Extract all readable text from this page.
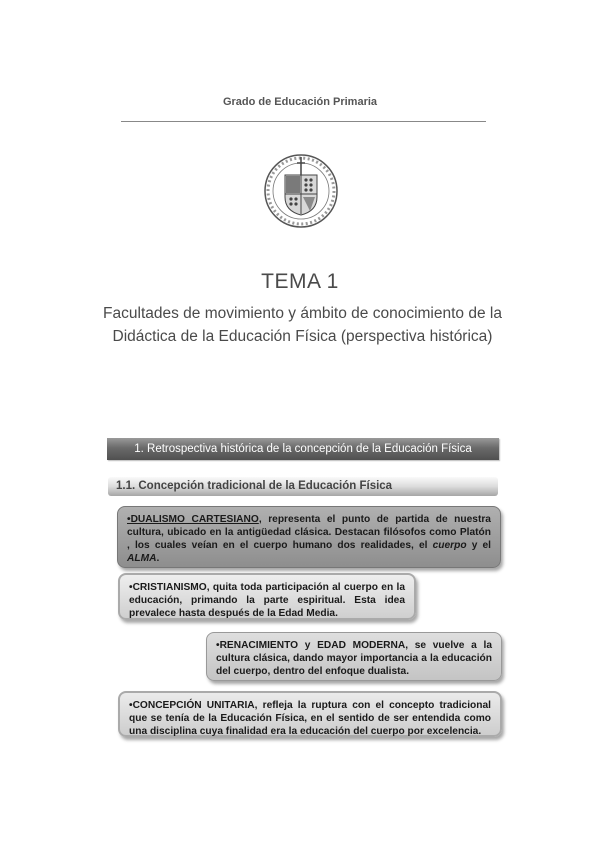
Grado de Educación Primaria
TEMA 1
Facultades de movimiento y ámbito de conocimiento de la Didáctica de la Educación Física (perspectiva histórica)
1. Retrospectiva histórica de la concepción de la Educación Física
1.1. Concepción tradicional de la Educación Física
•DUALISMO CARTESIANO, representa el punto de partida de nuestra cultura, ubicado en la antigüedad clásica. Destacan filósofos como Platón , los cuales veían en el cuerpo humano dos realidades, el cuerpo y el ALMA.
•CRISTIANISMO, quita toda participación al cuerpo en la educación, primando la parte espiritual. Esta idea prevalece hasta después de la Edad Media.
•RENACIMIENTO y EDAD MODERNA, se vuelve a la cultura clásica, dando mayor importancia a la educación del cuerpo, dentro del enfoque dualista.
•CONCEPCIÓN UNITARIA, refleja la ruptura con el concepto tradicional que se tenía de la Educación Física, en el sentido de ser entendida como una disciplina cuya finalidad era la educación del cuerpo por excelencia.
